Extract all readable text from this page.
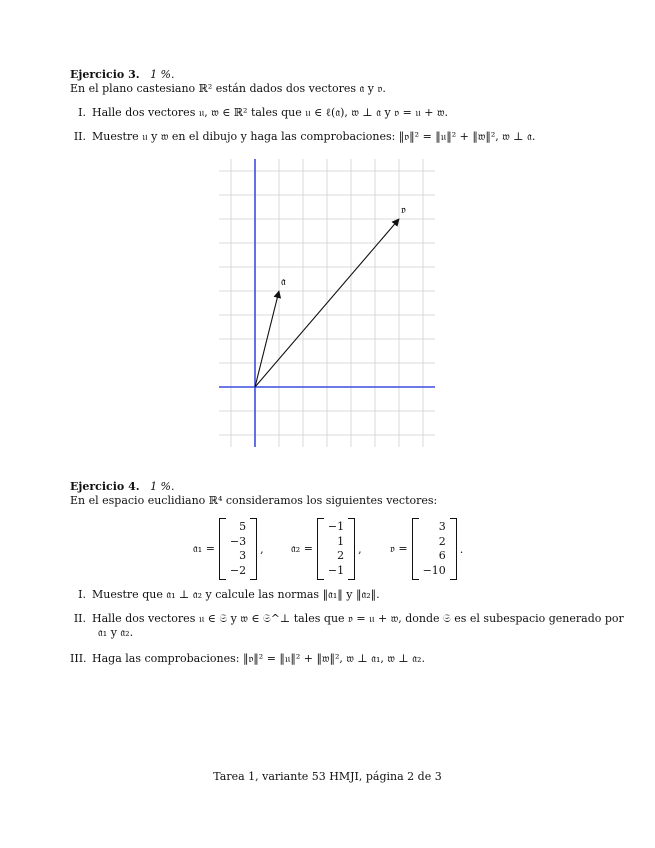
Ejercicio 3. 1 %.
En el plano castesiano ℝ² están dados dos vectores 𝔞 y 𝔳.
I. Halle dos vectores 𝔲, 𝔴 ∈ ℝ² tales que 𝔲 ∈ ℓ(𝔞), 𝔴 ⊥ 𝔞 y 𝔳 = 𝔲 + 𝔴.
II. Muestre 𝔲 y 𝔴 en el dibujo y haga las comprobaciones: ‖𝔳‖² = ‖𝔲‖² + ‖𝔴‖², 𝔴 ⊥ 𝔞.
𝔞
𝔳
Ejercicio 4. 1 %.
En el espacio euclidiano ℝ⁴ consideramos los siguientes vectores:
𝔞₁ =
5
−3
3
−2
, 𝔞₂ =
−1
1
2
−1
,	𝔳 =
3
2
6
−10
.
I. Muestre que 𝔞₁ ⊥ 𝔞₂ y calcule las normas ‖𝔞₁‖ y ‖𝔞₂‖.
II. Halle dos vectores 𝔲 ∈ 𝔖 y 𝔴 ∈ 𝔖^⊥ tales que 𝔳 = 𝔲 + 𝔴, donde 𝔖 es el subespacio generado por
𝔞₁ y 𝔞₂.
III. Haga las comprobaciones: ‖𝔳‖² = ‖𝔲‖² + ‖𝔴‖², 𝔴 ⊥ 𝔞₁, 𝔴 ⊥ 𝔞₂.
Tarea 1, variante 53 HMJI, página 2 de 3
